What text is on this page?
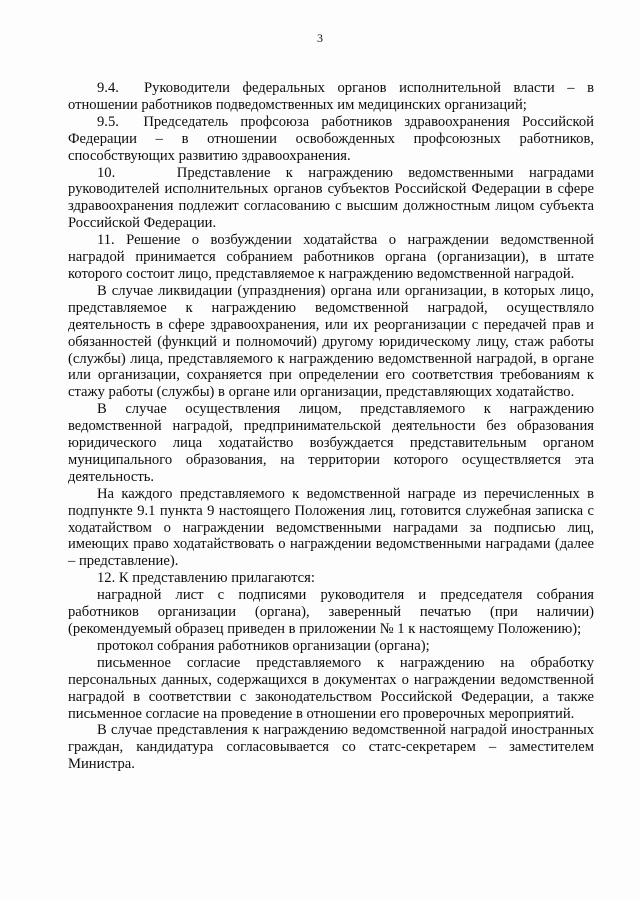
3

9.4.  Руководители федеральных органов исполнительной власти – в отношении работников подведомственных им медицинских организаций;

9.5.  Председатель профсоюза работников здравоохранения Российской Федерации – в отношении освобожденных профсоюзных работников, способствующих развитию здравоохранения.

10.    Представление к награждению ведомственными наградами руководителей исполнительных органов субъектов Российской Федерации в сфере здравоохранения подлежит согласованию с высшим должностным лицом субъекта Российской Федерации.

11. Решение о возбуждении ходатайства о награждении ведомственной наградой принимается собранием работников органа (организации), в штате которого состоит лицо, представляемое к награждению ведомственной наградой.

В случае ликвидации (упразднения) органа или организации, в которых лицо, представляемое к награждению ведомственной наградой, осуществляло деятельность в сфере здравоохранения, или их реорганизации с передачей прав и обязанностей (функций и полномочий) другому юридическому лицу, стаж работы (службы) лица, представляемого к награждению ведомственной наградой, в органе или организации, сохраняется при определении его соответствия требованиям к стажу работы (службы) в органе или организации, представляющих ходатайство.

В случае осуществления лицом, представляемого к награждению ведомственной наградой, предпринимательской деятельности без образования юридического лица ходатайство возбуждается представительным органом муниципального образования, на территории которого осуществляется эта деятельность.

На каждого представляемого к ведомственной награде из перечисленных в подпункте 9.1 пункта 9 настоящего Положения лиц, готовится служебная записка с ходатайством о награждении ведомственными наградами за подписью лиц, имеющих право ходатайствовать о награждении ведомственными наградами (далее – представление).

12. К представлению прилагаются:

наградной лист с подписями руководителя и председателя собрания работников организации (органа), заверенный печатью (при наличии) (рекомендуемый образец приведен в приложении № 1 к настоящему Положению);

протокол собрания работников организации (органа);

письменное согласие представляемого к награждению на обработку персональных данных, содержащихся в документах о награждении ведомственной наградой в соответствии с законодательством Российской Федерации, а также письменное согласие на проведение в отношении его проверочных мероприятий.

В случае представления к награждению ведомственной наградой иностранных граждан, кандидатура согласовывается со статс-секретарем – заместителем Министра.
